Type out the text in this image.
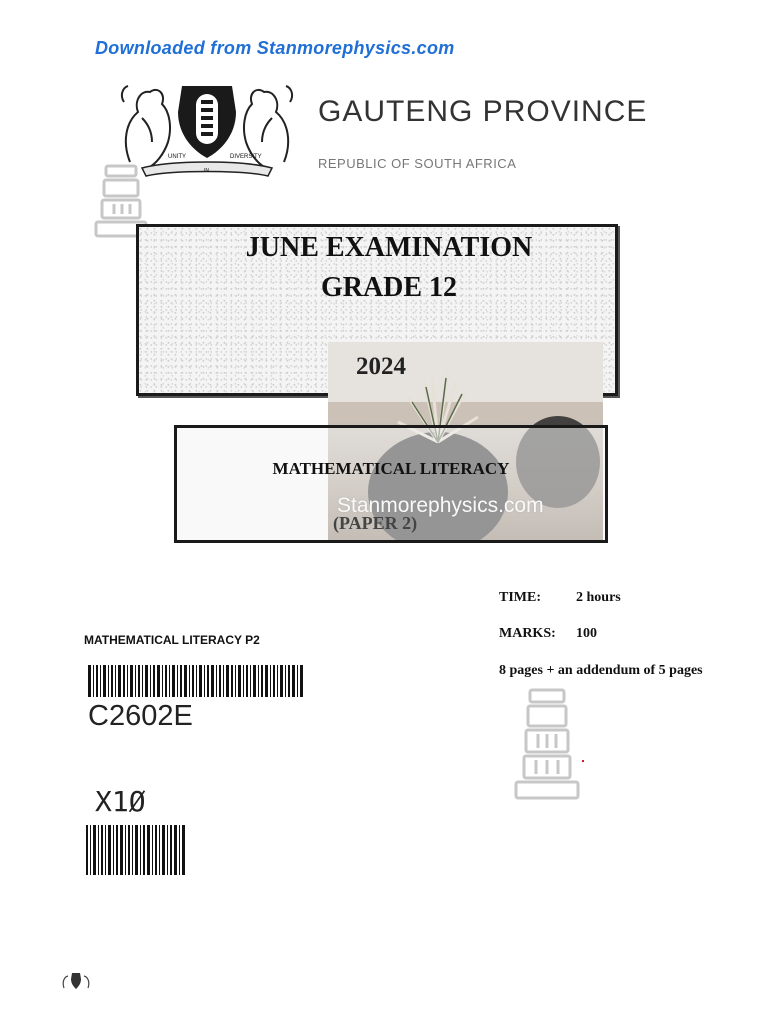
Downloaded from Stanmorephysics.com
UNITY
IN
DIVERSITY
GAUTENG PROVINCE
REPUBLIC OF SOUTH AFRICA
JUNE EXAMINATION
GRADE 12
2024
MATHEMATICAL LITERACY
(PAPER 2)
TIME:	2 hours
MARKS: 100
8 pages + an addendum of 5 pages
MATHEMATICAL LITERACY P2
C2602E
X1Ø
